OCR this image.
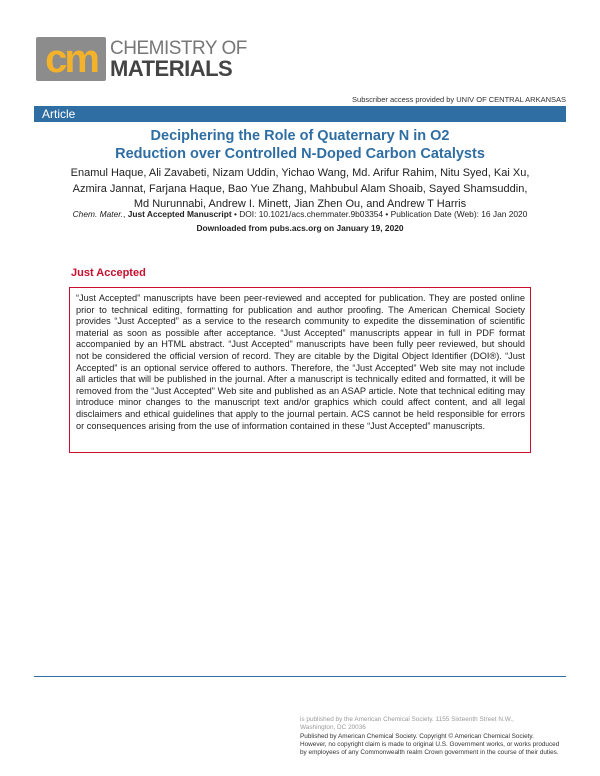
cm CHEMISTRY OF
MATERIALS
Subscriber access provided by UNIV OF CENTRAL ARKANSAS
Article
Deciphering the Role of Quaternary N in O2
Reduction over Controlled N-Doped Carbon Catalysts
Enamul Haque, Ali Zavabeti, Nizam Uddin, Yichao Wang, Md. Arifur Rahim, Nitu Syed, Kai Xu, Azmira Jannat, Farjana Haque, Bao Yue Zhang, Mahbubul Alam Shoaib, Sayed Shamsuddin, Md Nurunnabi, Andrew I. Minett, Jian Zhen Ou, and Andrew T Harris
Chem. Mater., Just Accepted Manuscript • DOI: 10.1021/acs.chemmater.9b03354 • Publication Date (Web): 16 Jan 2020
Downloaded from pubs.acs.org on January 19, 2020
Just Accepted
“Just Accepted” manuscripts have been peer-reviewed and accepted for publication. They are posted online prior to technical editing, formatting for publication and author proofing. The American Chemical Society provides “Just Accepted” as a service to the research community to expedite the dissemination of scientific material as soon as possible after acceptance. “Just Accepted” manuscripts appear in full in PDF format accompanied by an HTML abstract. “Just Accepted” manuscripts have been fully peer reviewed, but should not be considered the official version of record. They are citable by the Digital Object Identifier (DOI®). “Just Accepted” is an optional service offered to authors. Therefore, the “Just Accepted” Web site may not include all articles that will be published in the journal. After a manuscript is technically edited and formatted, it will be removed from the “Just Accepted” Web site and published as an ASAP article. Note that technical editing may introduce minor changes to the manuscript text and/or graphics which could affect content, and all legal disclaimers and ethical guidelines that apply to the journal pertain. ACS cannot be held responsible for errors or consequences arising from the use of information contained in these “Just Accepted” manuscripts.
is published by the American Chemical Society. 1155 Sixteenth Street N.W., Washington, DC 20036
Published by American Chemical Society. Copyright © American Chemical Society. However, no copyright claim is made to original U.S. Government works, or works produced by employees of any Commonwealth realm Crown government in the course of their duties.
